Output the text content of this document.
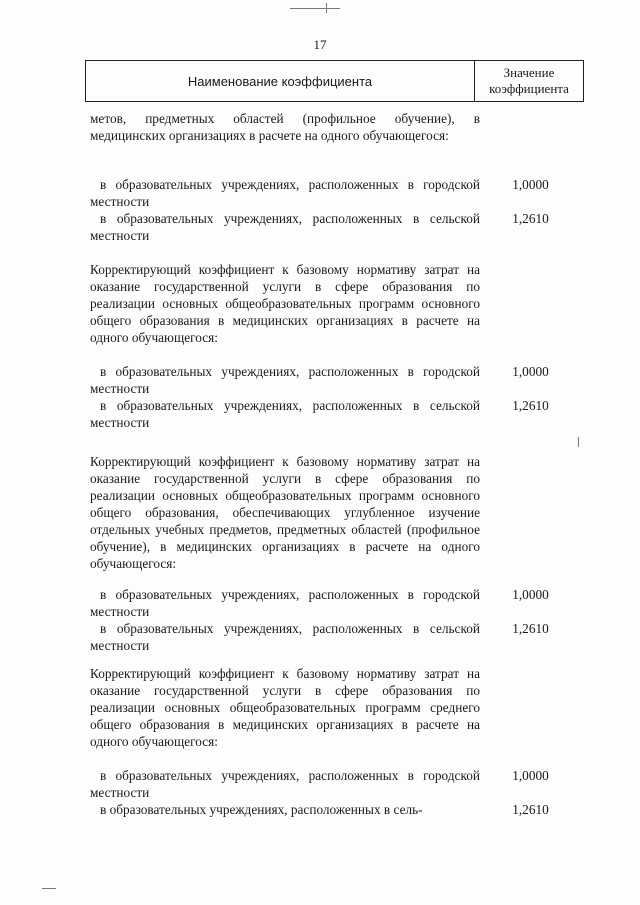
17
Наименование коэффициента
Значение
коэффициента

метов, предметных областей (профильное обучение), в медицинских организациях в расчете на одного обучающегося:

в образовательных учреждениях, расположенных в городской местности

1,0000

в образовательных учреждениях, расположенных в сельской местности

1,2610

Корректирующий коэффициент к базовому нормативу затрат на оказание государственной услуги в сфере образования по реализации основных общеобразовательных программ основного общего образования в медицинских организациях в расчете на одного обучающегося:

в образовательных учреждениях, расположенных в городской местности

1,0000

в образовательных учреждениях, расположенных в сельской местности

1,2610

Корректирующий коэффициент к базовому нормативу затрат на оказание государственной услуги в сфере образования по реализации основных общеобразовательных программ основного общего образования, обеспечивающих углубленное изучение отдельных учебных предметов, предметных областей (профильное обучение), в медицинских организациях в расчете на одного обучающегося:

в образовательных учреждениях, расположенных в городской местности

1,0000

в образовательных учреждениях, расположенных в сельской местности

1,2610

Корректирующий коэффициент к базовому нормативу затрат на оказание государственной услуги в сфере образования по реализации основных общеобразовательных программ среднего общего образования в медицинских организациях в расчете на одного обучающегося:

в образовательных учреждениях, расположенных в городской местности

1,0000

в образовательных учреждениях, расположенных в сель-	1,2610
